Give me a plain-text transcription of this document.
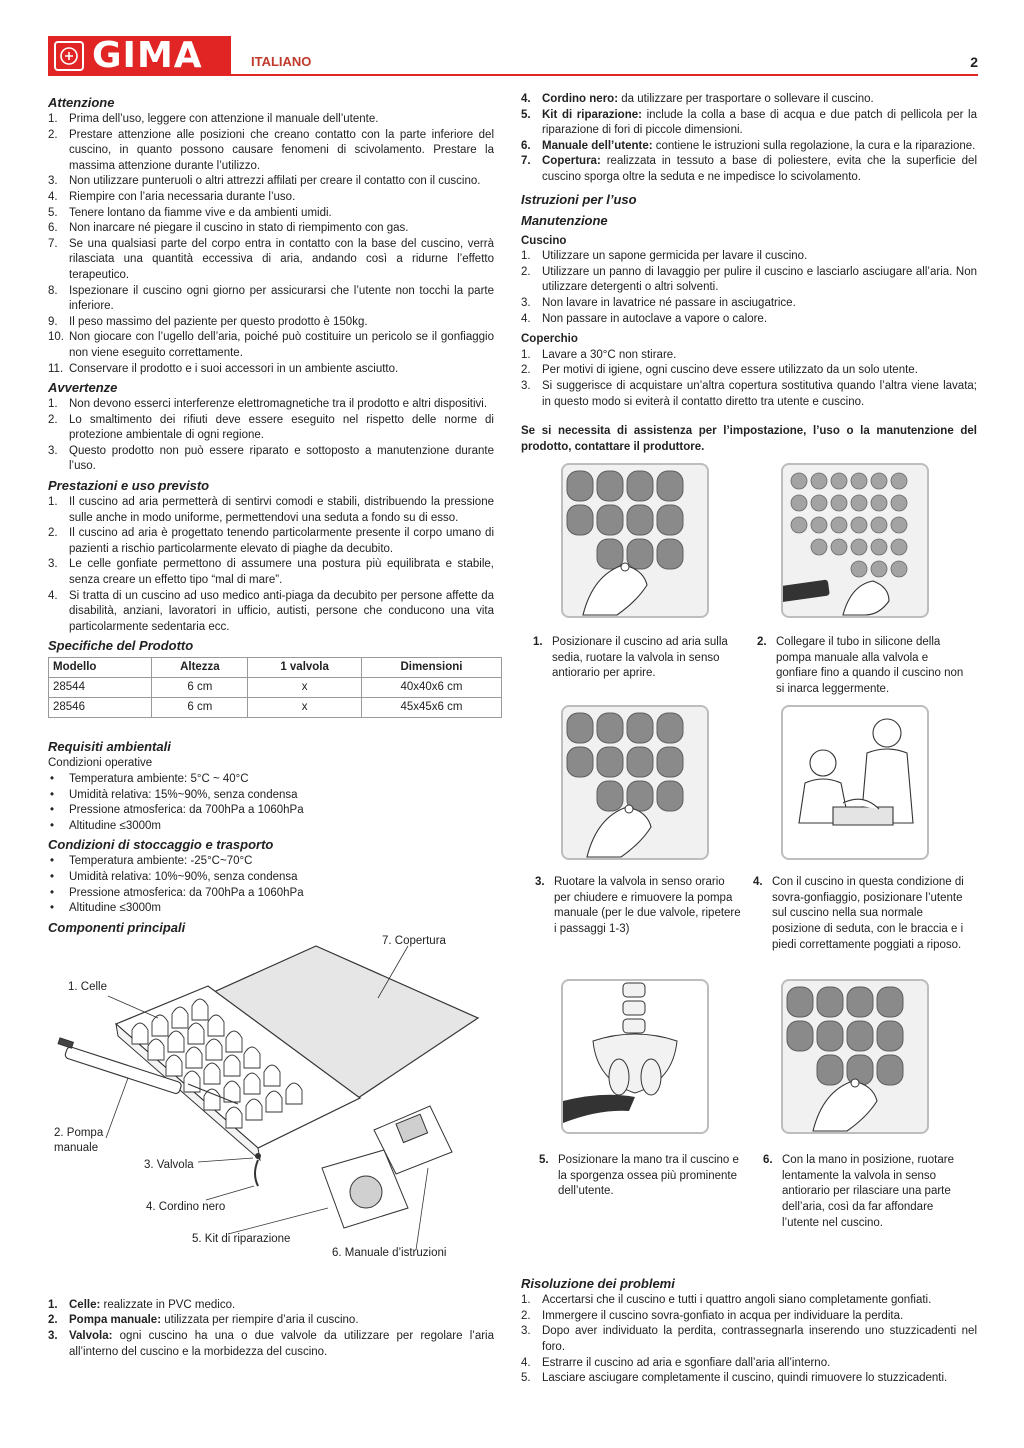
GIMA	ITALIANO	2
Attenzione
1. Prima dell’uso, leggere con attenzione il manuale dell’utente.
2. Prestare attenzione alle posizioni che creano contatto con la parte inferiore del cuscino, in quanto possono causare fenomeni di scivolamento. Prestare la massima attenzione durante l’utilizzo.
3. Non utilizzare punteruoli o altri attrezzi affilati per creare il contatto con il cuscino.
4. Riempire con l’aria necessaria durante l’uso.
5. Tenere lontano da fiamme vive e da ambienti umidi.
6. Non inarcare né piegare il cuscino in stato di riempimento con gas.
7. Se una qualsiasi parte del corpo entra in contatto con la base del cuscino, verrà rilasciata una quantità eccessiva di aria, andando così a ridurne l’effetto terapeutico.
8. Ispezionare il cuscino ogni giorno per assicurarsi che l’utente non tocchi la parte inferiore.
9. Il peso massimo del paziente per questo prodotto è 150kg.
10. Non giocare con l’ugello dell’aria, poiché può costituire un pericolo se il gonfiaggio non viene eseguito correttamente.
11. Conservare il prodotto e i suoi accessori in un ambiente asciutto.
Avvertenze
1. Non devono esserci interferenze elettromagnetiche tra il prodotto e altri dispositivi.
2. Lo smaltimento dei rifiuti deve essere eseguito nel rispetto delle norme di protezione ambientale di ogni regione.
3. Questo prodotto non può essere riparato e sottoposto a manutenzione durante l’uso.
Prestazioni e uso previsto
1. Il cuscino ad aria permetterà di sentirvi comodi e stabili, distribuendo la pressione sulle anche in modo uniforme, permettendovi una seduta a fondo su di esso.
2. Il cuscino ad aria è progettato tenendo particolarmente presente il corpo umano di pazienti a rischio particolarmente elevato di piaghe da decubito.
3. Le celle gonfiate permettono di assumere una postura più equilibrata e stabile, senza creare un effetto tipo “mal di mare”.
4. Si tratta di un cuscino ad uso medico anti-piaga da decubito per persone affette da disabilità, anziani, lavoratori in ufficio, autisti, persone che conducono una vita particolarmente sedentaria ecc.
Specifiche del Prodotto
Modello	Altezza	1 valvola	Dimensioni
28544	6 cm	x	40x40x6 cm
28546	6 cm	x	45x45x6 cm
Requisiti ambientali
Condizioni operative
•	Temperatura ambiente: 5°C ~ 40°C
•	Umidità relativa: 15%~90%, senza condensa
•	Pressione atmosferica: da 700hPa a 1060hPa
•	Altitudine ≤3000m
Condizioni di stoccaggio e trasporto
•	Temperatura ambiente: -25°C~70°C
•	Umidità relativa: 10%~90%, senza condensa
•	Pressione atmosferica: da 700hPa a 1060hPa
•	Altitudine ≤3000m
Componenti principali
7. Copertura
1. Celle
2. Pompa manuale
3. Valvola
4. Cordino nero
5. Kit di riparazione
6. Manuale d’istruzioni
1. Celle: realizzate in PVC medico.
2. Pompa manuale: utilizzata per riempire d’aria il cuscino.
3. Valvola: ogni cuscino ha una o due valvole da utilizzare per regolare l’aria all’interno del cuscino e la morbidezza del cuscino.
4. Cordino nero: da utilizzare per trasportare o sollevare il cuscino.
5. Kit di riparazione: include la colla a base di acqua e due patch di pellicola per la riparazione di fori di piccole dimensioni.
6. Manuale dell’utente: contiene le istruzioni sulla regolazione, la cura e la riparazione.
7. Copertura: realizzata in tessuto a base di poliestere, evita che la superficie del cuscino sporga oltre la seduta e ne impedisce lo scivolamento.
Istruzioni per l’uso
Manutenzione
Cuscino
1. Utilizzare un sapone germicida per lavare il cuscino.
2. Utilizzare un panno di lavaggio per pulire il cuscino e lasciarlo asciugare all’aria. Non utilizzare detergenti o altri solventi.
3. Non lavare in lavatrice né passare in asciugatrice.
4. Non passare in autoclave a vapore o calore.
Coperchio
1. Lavare a 30°C non stirare.
2. Per motivi di igiene, ogni cuscino deve essere utilizzato da un solo utente.
3. Si suggerisce di acquistare un’altra copertura sostitutiva quando l’altra viene lavata; in questo modo si eviterà il contatto diretto tra utente e cuscino.
Se si necessita di assistenza per l’impostazione, l’uso o la manutenzione del prodotto, contattare il produttore.
1. Posizionare il cuscino ad aria sulla sedia, ruotare la valvola in senso antiorario per aprire.
2. Collegare il tubo in silicone della pompa manuale alla valvola e gonfiare fino a quando il cuscino non si inarca leggermente.
3. Ruotare la valvola in senso orario per chiudere e rimuovere la pompa manuale (per le due valvole, ripetere i passaggi 1-3)
4. Con il cuscino in questa condizione di sovra-gonfiaggio, posizionare l’utente sul cuscino nella sua normale posizione di seduta, con le braccia e i piedi correttamente poggiati a riposo.
5. Posizionare la mano tra il cuscino e la sporgenza ossea più prominente dell’utente.
6. Con la mano in posizione, ruotare lentamente la valvola in senso antiorario per rilasciare una parte dell’aria, così da far affondare l’utente nel cuscino.
Risoluzione dei problemi
1. Accertarsi che il cuscino e tutti i quattro angoli siano completamente gonfiati.
2. Immergere il cuscino sovra-gonfiato in acqua per individuare la perdita.
3. Dopo aver individuato la perdita, contrassegnarla inserendo uno stuzzicadenti nel foro.
4. Estrarre il cuscino ad aria e sgonfiare dall’aria all’interno.
5. Lasciare asciugare completamente il cuscino, quindi rimuovere lo stuzzicadenti.
